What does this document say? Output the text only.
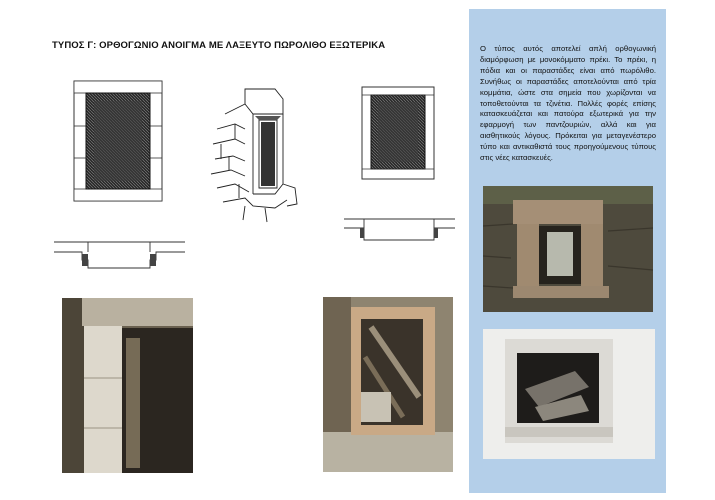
ΤΥΠΟΣ Γ: ΟΡΘΟΓΩΝΙΟ ΑΝΟΙΓΜΑ ΜΕ ΛΑΞΕΥΤΟ ΠΩΡΟΛΙΘΟ ΕΞΩΤΕΡΙΚΑ	Ο τύπος αυτός αποτελεί απλή ορθογωνική διαμόρφωση με μονοκόμματο πρέκι. Το πρέκι, η πόδια και οι παραστάδες είναι από πωρόλιθο. Συνήθως οι παραστάδες αποτελούνται από τρία κομμάτια, ώστε στα σημεία που χωρίζονται να τοποθετούνται τα τζινέτια. Πολλές φορές επίσης κατασκευάζεται και πατούρα εξωτερικά για την εφαρμογή των παντζουριών, αλλά και για αισθητικούς λόγους. Πρόκειται για μεταγενέστερο τύπο και αντικαθιστά τους προηγούμενους τύπους στις νέες κατασκευές.
